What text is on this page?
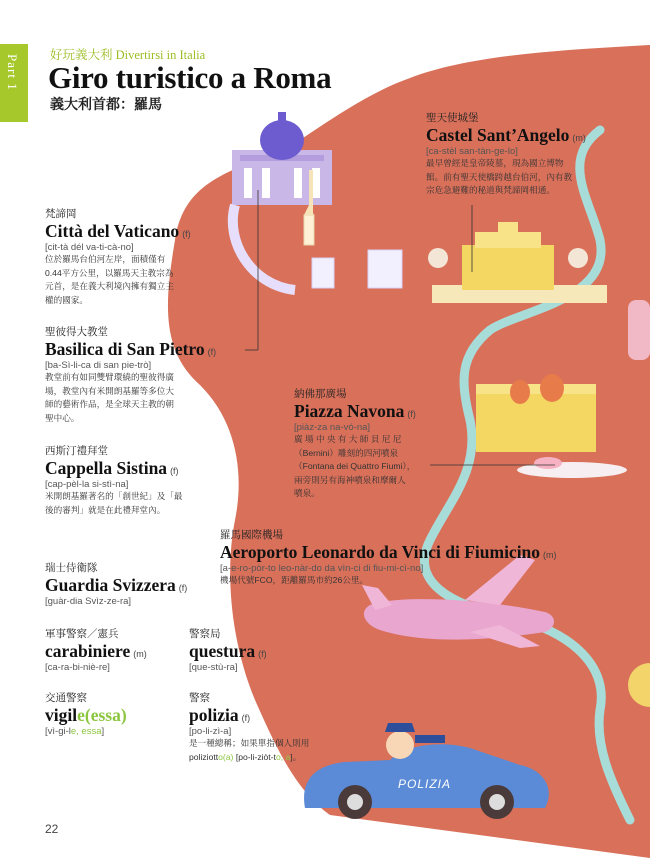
Part 1 好玩義大利 Divertirsi in Italia
Giro turistico a Roma
義大利首都：羅馬
聖天使城堡
Castel Sant’Angelo (m)
[ca-stèl san-tàn-ge-lo]
最早曾經是皇帝陵墓，現為國立博物
館。前有聖天使橋跨越台伯河，內有教
宗危急避難的秘道與梵諦岡相通。
梵諦岡
Città del Vaticano (f)
[cit-tà dél va-ti-cà-no]
位於羅馬台伯河左岸，面積僅有
0.44平方公里，以羅馬天主教宗為
元首，是在義大利境內擁有獨立主
權的國家。
聖彼得大教堂
Basilica di San Pietro (f)
[ba-Sì-li-ca di san pie-trò]
教堂前有如同雙臂環繞的聖彼得廣
場，教堂內有米開朗基羅等多位大
師的藝術作品，是全球天主教的朝
聖中心。
納佛那廣場
Piazza Navona (f)
[piàz-za na-vó-na]
廣 場 中 央 有 大 師 貝 尼 尼
（Bernini）雕刻的四河噴泉
（Fontana dei Quattro Fiumi），
兩旁則另有海神噴泉和摩爾人
噴泉。
西斯汀禮拜堂
Cappella Sistina (f)
[cap-pèl-la si-stì-na]
米開朗基羅著名的「創世紀」及「最
後的審判」就是在此禮拜堂內。
羅馬國際機場
Aeroporto Leonardo da Vinci di Fiumicino (m)
[a-e-ro-pòr-to leo-nàr-do da vìn-ci di fiu-mi-cì-no]
機場代號FCO，距離羅馬市約26公里。
瑞士侍衛隊
Guardia Svizzera (f)
[guàr-dia Svìz-ze-ra]
軍事警察／憲兵
carabiniere (m)
[ca-ra-bi-niè-re]
警察局
questura (f)
[que-stù-ra]
交通警察
vigile(essa)
[vì-gi-le, essa]
警察
polizia (f)
[po-li-zì-a]
是一種總稱；如果單指個人則用
poliziotto(a) [po-li-ziòt-to, a]。
POLIZIA
22
